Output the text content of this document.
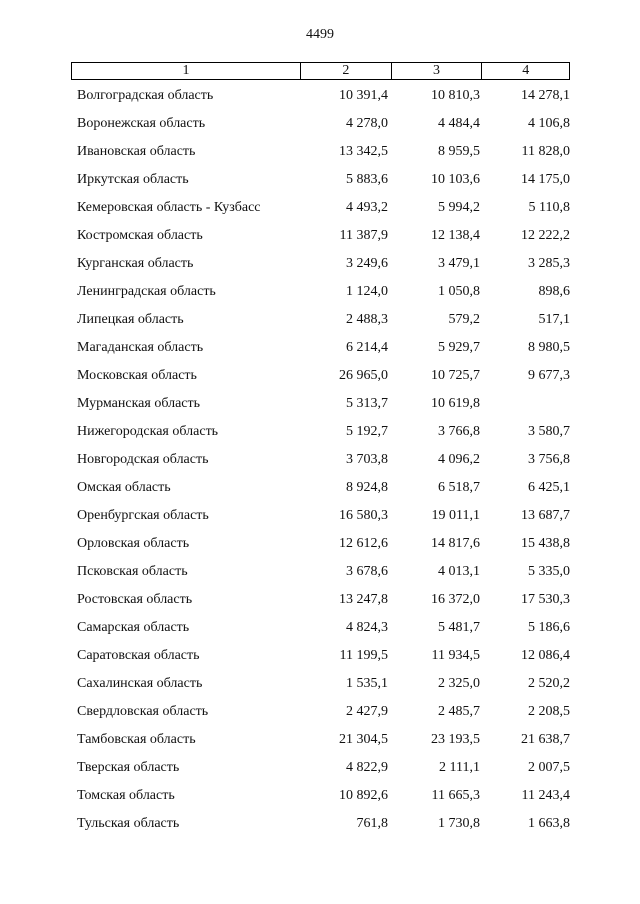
4499
1	2	3	4
Волгоградская область	10 391,4	10 810,3	14 278,1
Воронежская область	4 278,0	4 484,4	4 106,8
Ивановская область	13 342,5	8 959,5	11 828,0
Иркутская область	5 883,6	10 103,6	14 175,0
Кемеровская область - Кузбасс	4 493,2	5 994,2	5 110,8
Костромская область	11 387,9	12 138,4	12 222,2
Курганская область	3 249,6	3 479,1	3 285,3
Ленинградская область	1 124,0	1 050,8	898,6
Липецкая область	2 488,3	579,2	517,1
Магаданская область	6 214,4	5 929,7	8 980,5
Московская область	26 965,0	10 725,7	9 677,3
Мурманская область	5 313,7	10 619,8
Нижегородская область	5 192,7	3 766,8	3 580,7
Новгородская область	3 703,8	4 096,2	3 756,8
Омская область	8 924,8	6 518,7	6 425,1
Оренбургская область	16 580,3	19 011,1	13 687,7
Орловская область	12 612,6	14 817,6	15 438,8
Псковская область	3 678,6	4 013,1	5 335,0
Ростовская область	13 247,8	16 372,0	17 530,3
Самарская область	4 824,3	5 481,7	5 186,6
Саратовская область	11 199,5	11 934,5	12 086,4
Сахалинская область	1 535,1	2 325,0	2 520,2
Свердловская область	2 427,9	2 485,7	2 208,5
Тамбовская область	21 304,5	23 193,5	21 638,7
Тверская область	4 822,9	2 111,1	2 007,5
Томская область	10 892,6	11 665,3	11 243,4
Тульская область	761,8	1 730,8	1 663,8
